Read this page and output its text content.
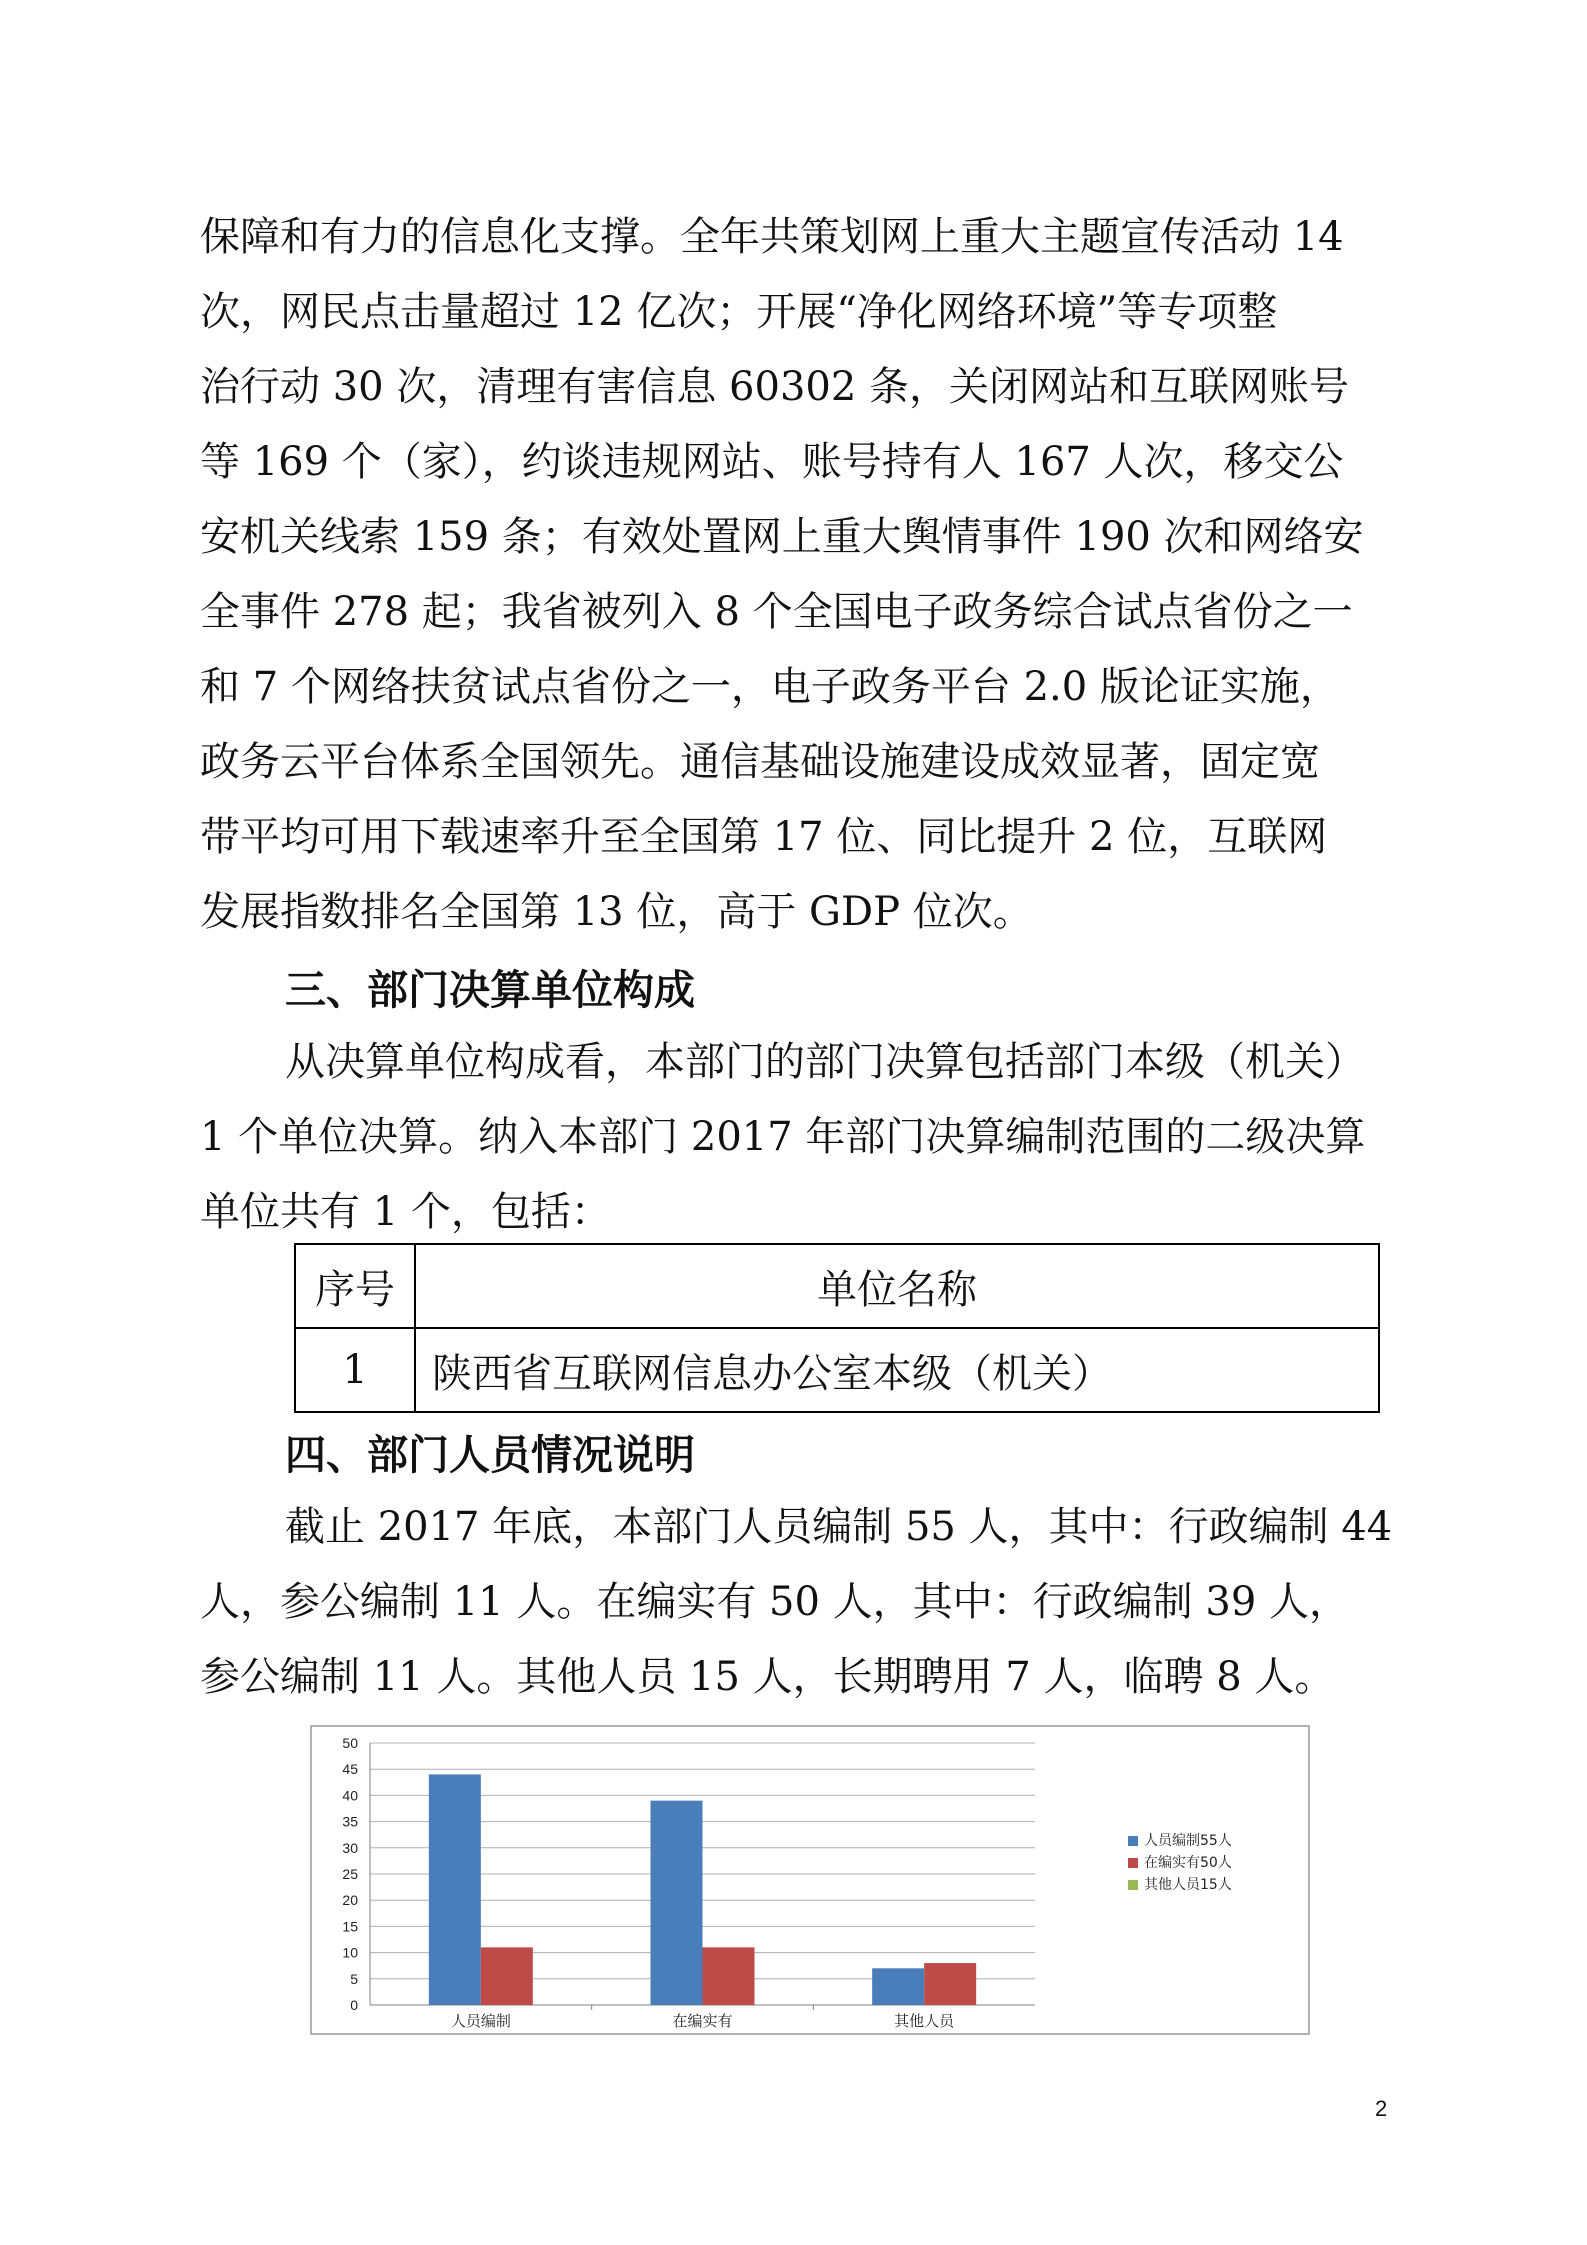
保障和有力的信息化支撑。全年共策划网上重大主题宣传活动 14
次，网民点击量超过 12 亿次；开展“净化网络环境”等专项整
治行动 30 次，清理有害信息 60302 条，关闭网站和互联网账号
等 169 个（家），约谈违规网站、账号持有人 167 人次，移交公
安机关线索 159 条；有效处置网上重大舆情事件 190 次和网络安
全事件 278 起；我省被列入 8 个全国电子政务综合试点省份之一
和 7 个网络扶贫试点省份之一，电子政务平台 2.0 版论证实施，
政务云平台体系全国领先。通信基础设施建设成效显著，固定宽
带平均可用下载速率升至全国第 17 位、同比提升 2 位，互联网
发展指数排名全国第 13 位，高于 GDP 位次。
三、部门决算单位构成
从决算单位构成看，本部门的部门决算包括部门本级（机关）
1 个单位决算。纳入本部门 2017 年部门决算编制范围的二级决算
单位共有 1 个，包括：
序号	单位名称
1	陕西省互联网信息办公室本级（机关）
四、部门人员情况说明
截止 2017 年底，本部门人员编制 55 人，其中：行政编制 44
人，参公编制 11 人。在编实有 50 人，其中：行政编制 39 人，
参公编制 11 人。其他人员 15 人，长期聘用 7 人，临聘 8 人。
0
5
10
15
20
25
30
35
40
45
50
人员编制	在编实有	其他人员
人员编制55人
在编实有50人
其他人员15人
2
